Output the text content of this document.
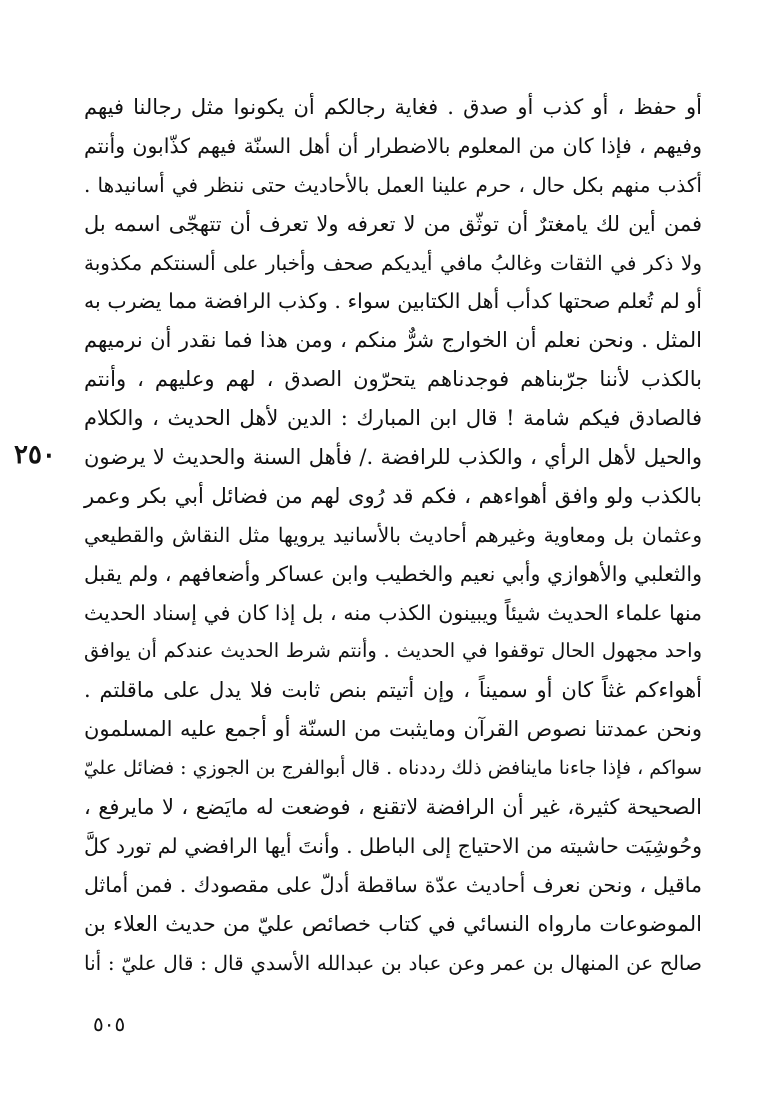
أو حفظ ، أو كذب أو صدق . فغاية رجالكم أن يكونوا مثل رجالنا فيهم
وفيهم ، فإذا كان من المعلوم بالاضطرار أن أهل السنّة فيهم كذّابون وأنتم
أكذب منهم بكل حال ، حرم علينا العمل بالأحاديث حتى ننظر في أسانيدها .
فمن أين لك يامغترٌ أن توثّق من لا تعرفه ولا تعرف أن تتهجّى اسمه بل
ولا ذكر في الثقات وغالبُ مافي أيديكم صحف وأخبار على ألسنتكم مكذوبة
أو لم تُعلم صحتها كدأب أهل الكتابين سواء . وكذب الرافضة مما يضرب به
المثل . ونحن نعلم أن الخوارج شرٌّ منكم ، ومن هذا فما نقدر أن نرميهم
بالكذب لأننا جرّبناهم فوجدناهم يتحرّون الصدق ، لهم وعليهم ، وأنتم
فالصادق فيكم شامة ! قال ابن المبارك : الدين لأهل الحديث ، والكلام
والحيل لأهل الرأي ، والكذب للرافضة ./ فأهل السنة والحديث لا يرضون
بالكذب ولو وافق أهواءهم ، فكم قد رُوى لهم من فضائل أبي بكر وعمر
وعثمان بل ومعاوية وغيرهم أحاديث بالأسانيد يرويها مثل النقاش والقطيعي
والثعلبي والأهوازي وأبي نعيم والخطيب وابن عساكر وأضعافهم ، ولم يقبل
منها علماء الحديث شيئاً ويبينون الكذب منه ، بل إذا كان في إسناد الحديث
واحد مجهول الحال توقفوا في الحديث . وأنتم شرط الحديث عندكم أن يوافق
أهواءكم غثاً كان أو سميناً ، وإن أتيتم بنص ثابت فلا يدل على ماقلتم .
ونحن عمدتنا نصوص القرآن ومايثبت من السنّة أو أجمع عليه المسلمون
سواكم ، فإذا جاءنا ماينافض ذلك رددناه . قال أبوالفرج بن الجوزي : فضائل عليّ
الصحيحة كثيرة، غير أن الرافضة لاتقنع ، فوضعت له مايَضع ، لا مايرفع ،
وحُوشِيَت حاشيته من الاحتياج إلى الباطل . وأنتَ أيها الرافضي لم تورد كلَّ
ماقيل ، ونحن نعرف أحاديث عدّة ساقطة أدلّ على مقصودك . فمن أماثل
الموضوعات مارواه النسائي في كتاب خصائص عليّ من حديث العلاء بن
صالح عن المنهال بن عمر وعن عباد بن عبدالله الأسدي قال : قال عليّ : أنا
٢٥٠
٥٠٥
